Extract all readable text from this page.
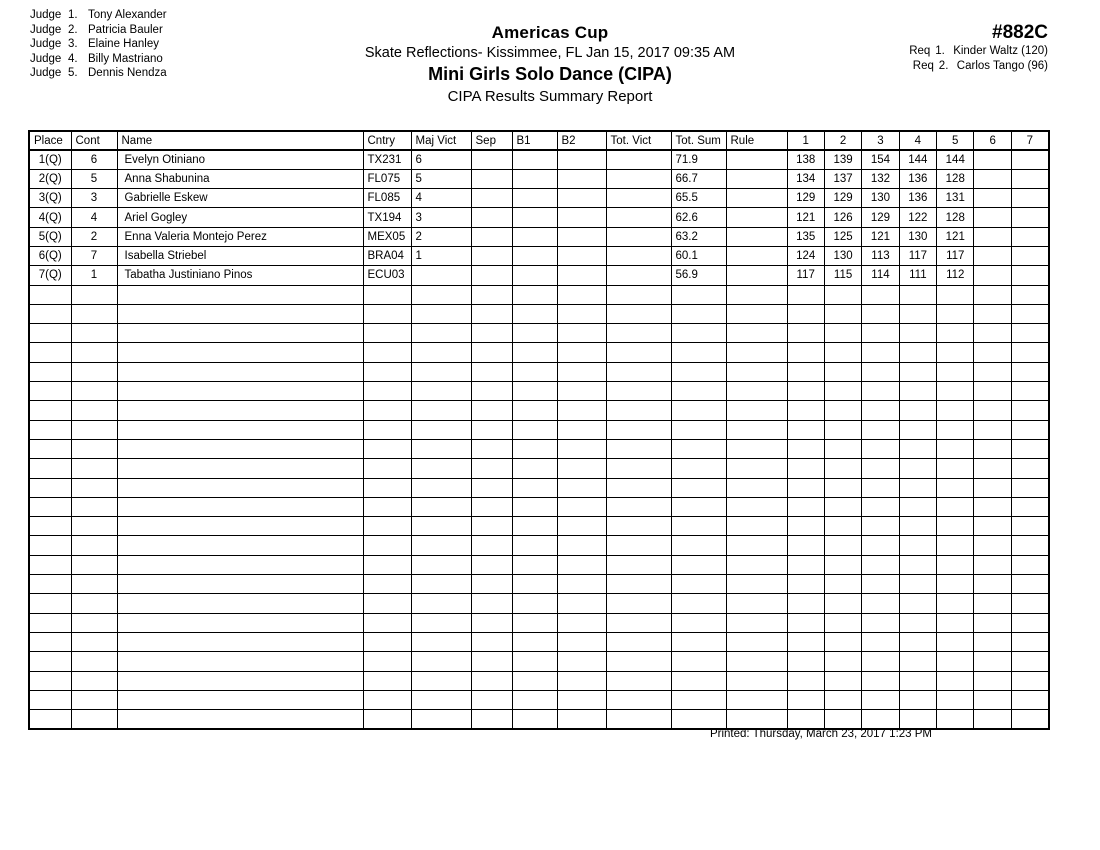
Judge 1. Tony Alexander
Judge 2. Patricia Bauler
Judge 3. Elaine Hanley
Judge 4. Billy Mastriano
Judge 5. Dennis Nendza
Americas Cup
Skate Reflections- Kissimmee, FL Jan 15, 2017 09:35 AM
Mini Girls Solo Dance (CIPA)
CIPA Results Summary Report
#882C
Req 1. Kinder Waltz (120)
Req 2. Carlos Tango (96)
Place	Cont	Name	Cntry	Maj Vict	Sep	B1	B2	Tot. Vict	Tot. Sum	Rule	1	2	3	4	5	6	7
1(Q)	6	Evelyn Otiniano	TX231	6					71.9		138	139	154	144	144		
2(Q)	5	Anna Shabunina	FL075	5					66.7		134	137	132	136	128		
3(Q)	3	Gabrielle Eskew	FL085	4					65.5		129	129	130	136	131		
4(Q)	4	Ariel Gogley	TX194	3					62.6		121	126	129	122	128		
5(Q)	2	Enna Valeria Montejo Perez	MEX05	2					63.2		135	125	121	130	121		
6(Q)	7	Isabella Striebel	BRA04	1					60.1		124	130	113	117	117		
7(Q)	1	Tabatha Justiniano Pinos	ECU03						56.9		117	115	114	111	112		

Printed: Thursday, March 23, 2017 1:23 PM
